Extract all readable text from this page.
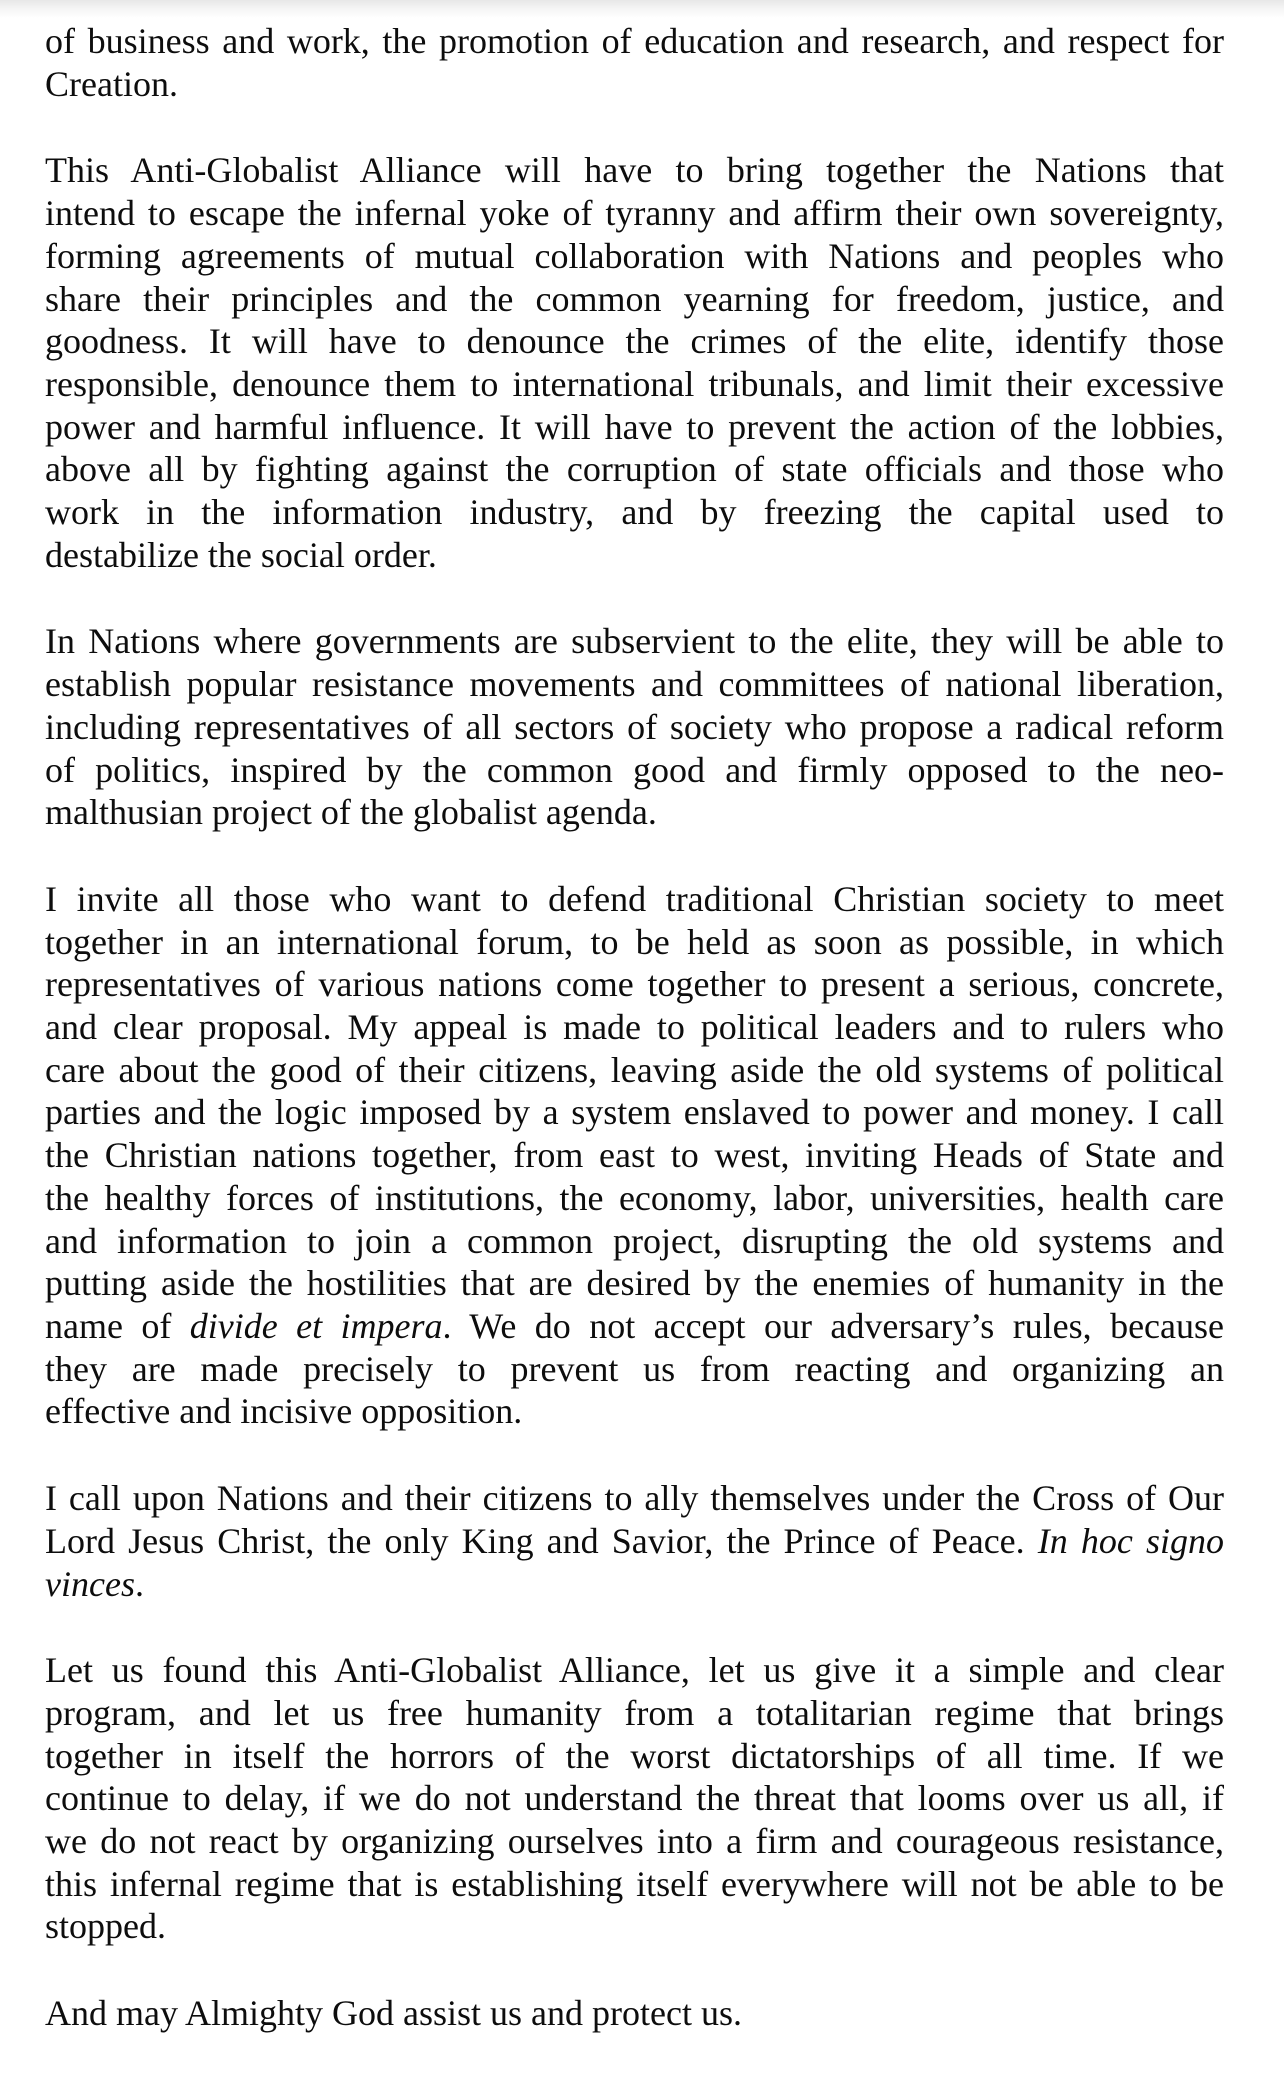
of business and work, the promotion of education and research, and respect for
Creation.
This Anti-Globalist Alliance will have to bring together the Nations that
intend to escape the infernal yoke of tyranny and affirm their own sovereignty,
forming agreements of mutual collaboration with Nations and peoples who
share their principles and the common yearning for freedom, justice, and
goodness. It will have to denounce the crimes of the elite, identify those
responsible, denounce them to international tribunals, and limit their excessive
power and harmful influence. It will have to prevent the action of the lobbies,
above all by fighting against the corruption of state officials and those who
work in the information industry, and by freezing the capital used to
destabilize the social order.
In Nations where governments are subservient to the elite, they will be able to
establish popular resistance movements and committees of national liberation,
including representatives of all sectors of society who propose a radical reform
of politics, inspired by the common good and firmly opposed to the neo-
malthusian project of the globalist agenda.
I invite all those who want to defend traditional Christian society to meet
together in an international forum, to be held as soon as possible, in which
representatives of various nations come together to present a serious, concrete,
and clear proposal. My appeal is made to political leaders and to rulers who
care about the good of their citizens, leaving aside the old systems of political
parties and the logic imposed by a system enslaved to power and money. I call
the Christian nations together, from east to west, inviting Heads of State and
the healthy forces of institutions, the economy, labor, universities, health care
and information to join a common project, disrupting the old systems and
putting aside the hostilities that are desired by the enemies of humanity in the
name of divide et impera. We do not accept our adversary’s rules, because
they are made precisely to prevent us from reacting and organizing an
effective and incisive opposition.
I call upon Nations and their citizens to ally themselves under the Cross of Our
Lord Jesus Christ, the only King and Savior, the Prince of Peace. In hoc signo
vinces.
Let us found this Anti-Globalist Alliance, let us give it a simple and clear
program, and let us free humanity from a totalitarian regime that brings
together in itself the horrors of the worst dictatorships of all time. If we
continue to delay, if we do not understand the threat that looms over us all, if
we do not react by organizing ourselves into a firm and courageous resistance,
this infernal regime that is establishing itself everywhere will not be able to be
stopped.
And may Almighty God assist us and protect us.
